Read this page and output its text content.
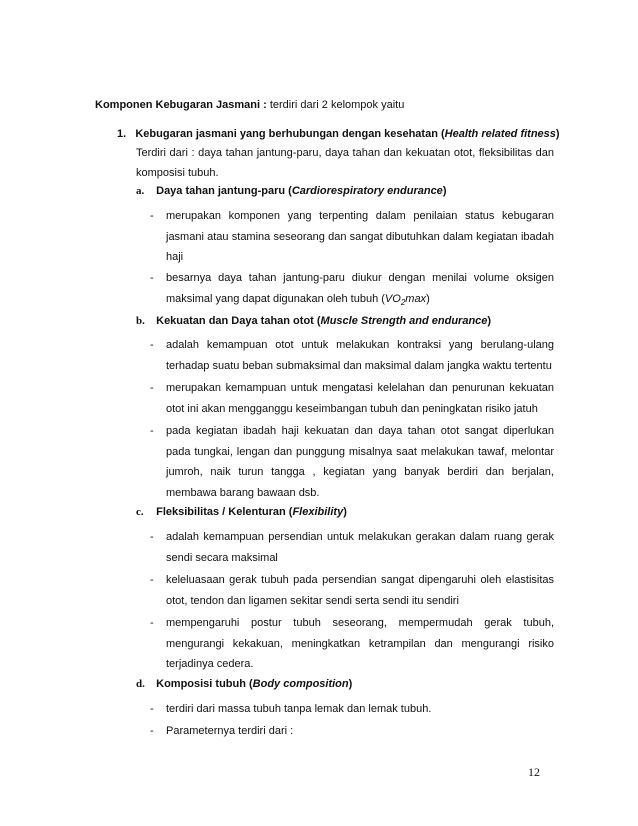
Komponen Kebugaran Jasmani : terdiri dari 2 kelompok yaitu
1. Kebugaran jasmani yang berhubungan dengan kesehatan (Health related fitness)
Terdiri dari : daya tahan jantung-paru, daya tahan dan kekuatan otot, fleksibilitas dan komposisi tubuh.
a. Daya tahan jantung-paru (Cardiorespiratory endurance)
- merupakan komponen yang terpenting dalam penilaian status kebugaran jasmani atau stamina seseorang dan sangat dibutuhkan dalam kegiatan ibadah haji
- besarnya daya tahan jantung-paru diukur dengan menilai volume oksigen maksimal yang dapat digunakan oleh tubuh $(VO_2\max)$
b. Kekuatan dan Daya tahan otot (Muscle Strength and endurance)
- adalah kemampuan otot untuk melakukan kontraksi yang berulang-ulang terhadap suatu beban submaksimal dan maksimal dalam jangka waktu tertentu
- merupakan kemampuan untuk mengatasi kelelahan dan penurunan kekuatan otot ini akan mengganggu keseimbangan tubuh dan peningkatan risiko jatuh
- pada kegiatan ibadah haji kekuatan dan daya tahan otot sangat diperlukan pada tungkai, lengan dan punggung misalnya saat melakukan tawaf, melontar jumroh, naik turun tangga , kegiatan yang banyak berdiri dan berjalan, membawa barang bawaan dsb.
c. Fleksibilitas / Kelenturan (Flexibility)
- adalah kemampuan persendian untuk melakukan gerakan dalam ruang gerak sendi secara maksimal
- keleluasaan gerak tubuh pada persendian sangat dipengaruhi oleh elastisitas otot, tendon dan ligamen sekitar sendi serta sendi itu sendiri
- mempengaruhi postur tubuh seseorang, mempermudah gerak tubuh, mengurangi kekakuan, meningkatkan ketrampilan dan mengurangi risiko terjadinya cedera.
d. Komposisi tubuh (Body composition)
- terdiri dari massa tubuh tanpa lemak dan lemak tubuh.
- Parameternya terdiri dari :
12
